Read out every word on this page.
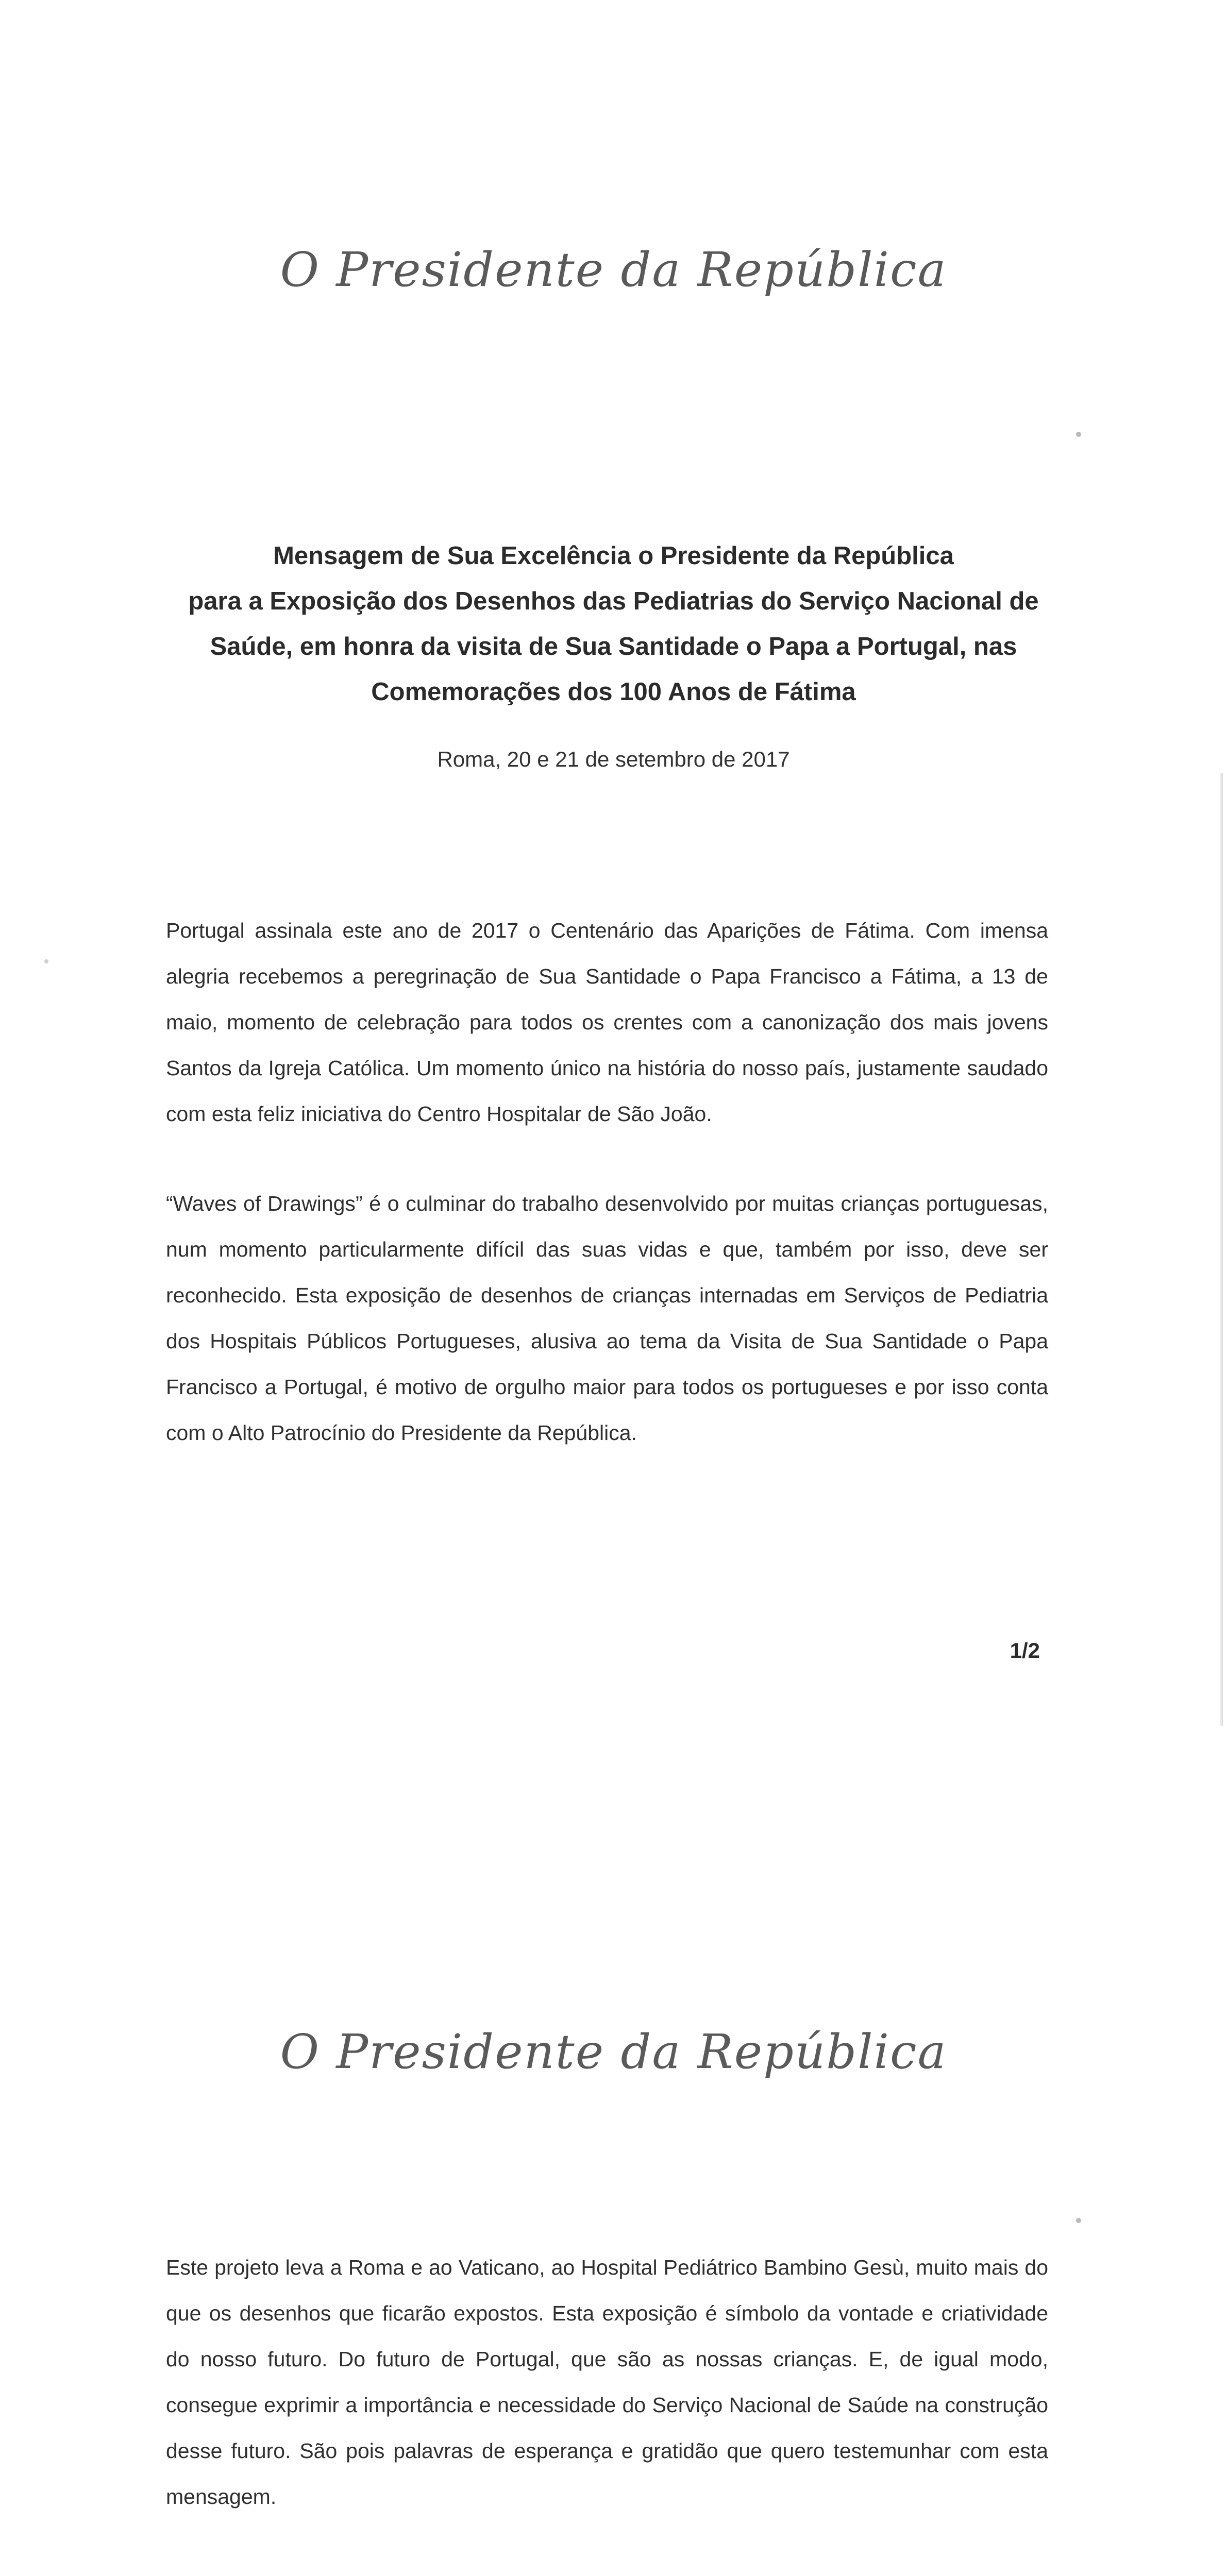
O Presidente da República
Mensagem de Sua Excelência o Presidente da República
para a Exposição dos Desenhos das Pediatrias do Serviço Nacional de
Saúde, em honra da visita de Sua Santidade o Papa a Portugal, nas
Comemorações dos 100 Anos de Fátima
Roma, 20 e 21 de setembro de 2017

Portugal assinala este ano de 2017 o Centenário das Aparições de Fátima. Com imensa alegria recebemos a peregrinação de Sua Santidade o Papa Francisco a Fátima, a 13 de maio, momento de celebração para todos os crentes com a canonização dos mais jovens Santos da Igreja Católica. Um momento único na história do nosso país, justamente saudado com esta feliz iniciativa do Centro Hospitalar de São João.

“Waves of Drawings” é o culminar do trabalho desenvolvido por muitas crianças portuguesas, num momento particularmente difícil das suas vidas e que, também por isso, deve ser reconhecido. Esta exposição de desenhos de crianças internadas em Serviços de Pediatria dos Hospitais Públicos Portugueses, alusiva ao tema da Visita de Sua Santidade o Papa Francisco a Portugal, é motivo de orgulho maior para todos os portugueses e por isso conta com o Alto Patrocínio do Presidente da República.

1/2
O Presidente da República

Este projeto leva a Roma e ao Vaticano, ao Hospital Pediátrico Bambino Gesù, muito mais do que os desenhos que ficarão expostos. Esta exposição é símbolo da vontade e criatividade do nosso futuro. Do futuro de Portugal, que são as nossas crianças. E, de igual modo, consegue exprimir a importância e necessidade do Serviço Nacional de Saúde na construção desse futuro. São pois palavras de esperança e gratidão que quero testemunhar com esta mensagem.
